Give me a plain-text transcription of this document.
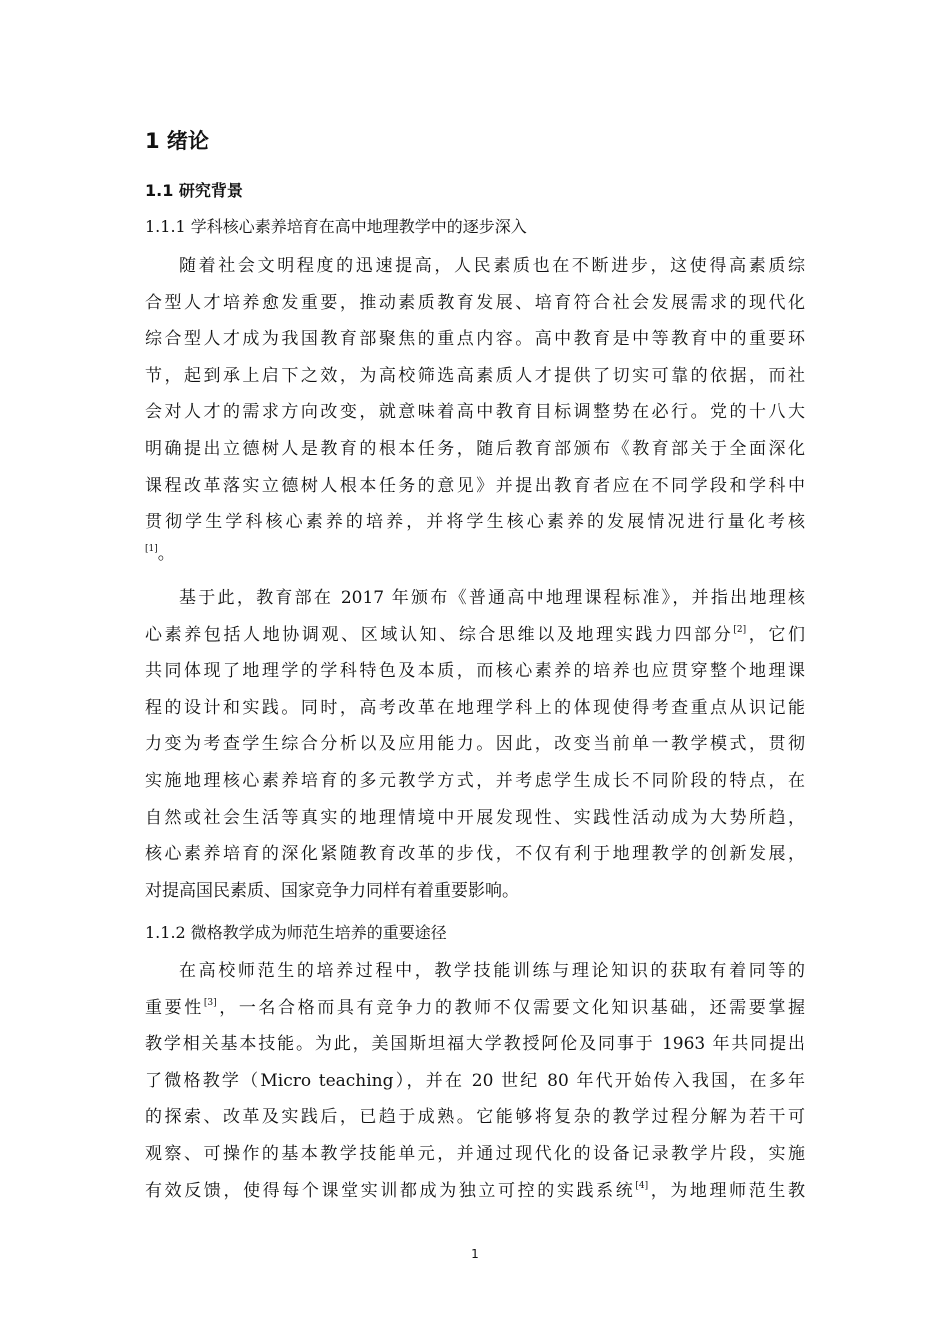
1 绪论
1.1 研究背景
1.1.1 学科核心素养培育在高中地理教学中的逐步深入
随着社会文明程度的迅速提高，人民素质也在不断进步，这使得高素质综
合型人才培养愈发重要，推动素质教育发展、培育符合社会发展需求的现代化
综合型人才成为我国教育部聚焦的重点内容。高中教育是中等教育中的重要环
节，起到承上启下之效，为高校筛选高素质人才提供了切实可靠的依据，而社
会对人才的需求方向改变，就意味着高中教育目标调整势在必行。党的十八大
明确提出立德树人是教育的根本任务，随后教育部颁布《教育部关于全面深化
课程改革落实立德树人根本任务的意见》并提出教育者应在不同学段和学科中
贯彻学生学科核心素养的培养，并将学生核心素养的发展情况进行量化考核
[1]。
基于此，教育部在 2017 年颁布《普通高中地理课程标准》，并指出地理核
心素养包括人地协调观、区域认知、综合思维以及地理实践力四部分[2]，它们
共同体现了地理学的学科特色及本质，而核心素养的培养也应贯穿整个地理课
程的设计和实践。同时，高考改革在地理学科上的体现使得考查重点从识记能
力变为考查学生综合分析以及应用能力。因此，改变当前单一教学模式，贯彻
实施地理核心素养培育的多元教学方式，并考虑学生成长不同阶段的特点，在
自然或社会生活等真实的地理情境中开展发现性、实践性活动成为大势所趋，
核心素养培育的深化紧随教育改革的步伐，不仅有利于地理教学的创新发展，
对提高国民素质、国家竞争力同样有着重要影响。
1.1.2 微格教学成为师范生培养的重要途径
在高校师范生的培养过程中，教学技能训练与理论知识的获取有着同等的
重要性[3]，一名合格而具有竞争力的教师不仅需要文化知识基础，还需要掌握
教学相关基本技能。为此，美国斯坦福大学教授阿伦及同事于 1963 年共同提出
了微格教学（Micro teaching），并在 20 世纪 80 年代开始传入我国，在多年
的探索、改革及实践后，已趋于成熟。它能够将复杂的教学过程分解为若干可
观察、可操作的基本教学技能单元，并通过现代化的设备记录教学片段，实施
有效反馈，使得每个课堂实训都成为独立可控的实践系统[4]，为地理师范生教
1
